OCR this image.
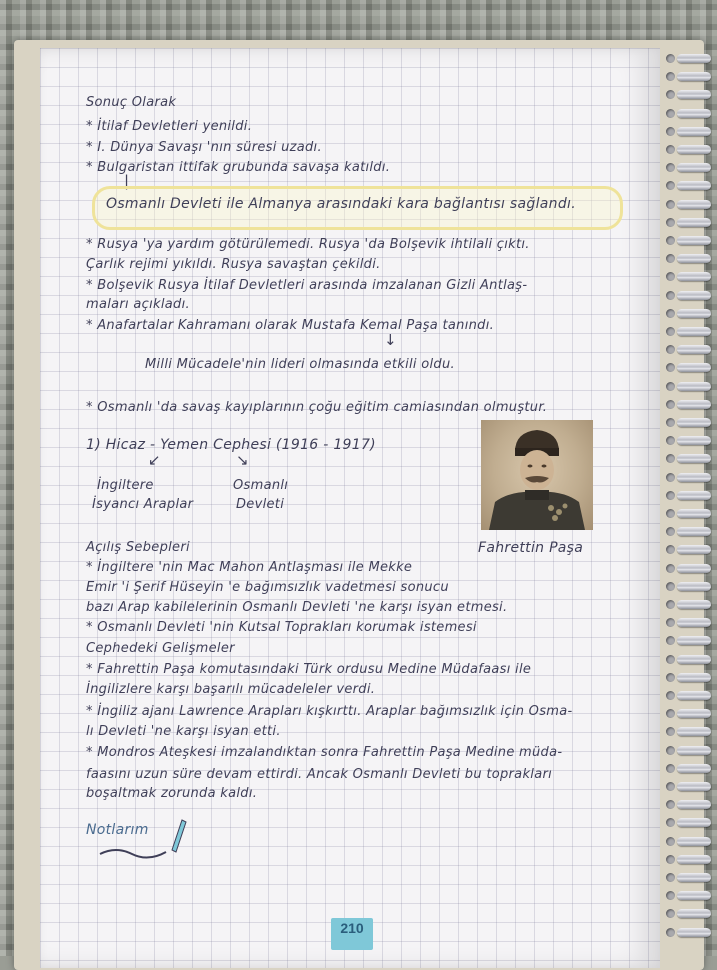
Sonuç Olarak
* İtilaf Devletleri yenildi.
* I. Dünya Savaşı 'nın süresi uzadı.
* Bulgaristan ittifak grubunda savaşa katıldı.
|
Osmanlı Devleti ile Almanya arasındaki kara bağlantısı sağlandı.
* Rusya 'ya yardım götürülemedi. Rusya 'da Bolşevik ihtilali çıktı.
Çarlık rejimi yıkıldı. Rusya savaştan çekildi.
* Bolşevik Rusya İtilaf Devletleri arasında imzalanan Gizli Antlaş-
maları açıkladı.
* Anafartalar Kahramanı olarak Mustafa Kemal Paşa tanındı.
↓
Milli Mücadele'nin lideri olmasında etkili oldu.
* Osmanlı 'da savaş kayıplarının çoğu eğitim camiasından olmuştur.
1) Hicaz - Yemen Cephesi (1916 - 1917)
↙	↘
İngiltere
İsyancı Araplar
Osmanlı
Devleti
Fahrettin Paşa
Açılış Sebepleri
* İngiltere 'nin Mac Mahon Antlaşması ile Mekke
Emir 'i Şerif Hüseyin 'e bağımsızlık vadetmesi sonucu
bazı Arap kabilelerinin Osmanlı Devleti 'ne karşı isyan etmesi.
* Osmanlı Devleti 'nin Kutsal Toprakları korumak istemesi
Cephedeki Gelişmeler
* Fahrettin Paşa komutasındaki Türk ordusu Medine Müdafaası ile
İngilizlere karşı başarılı mücadeleler verdi.
* İngiliz ajanı Lawrence Arapları kışkırttı. Araplar bağımsızlık için Osma-
lı Devleti 'ne karşı isyan etti.
* Mondros Ateşkesi imzalandıktan sonra Fahrettin Paşa Medine müda-
faasını uzun süre devam ettirdi. Ancak Osmanlı Devleti bu toprakları
boşaltmak zorunda kaldı.
Notlarım
210
